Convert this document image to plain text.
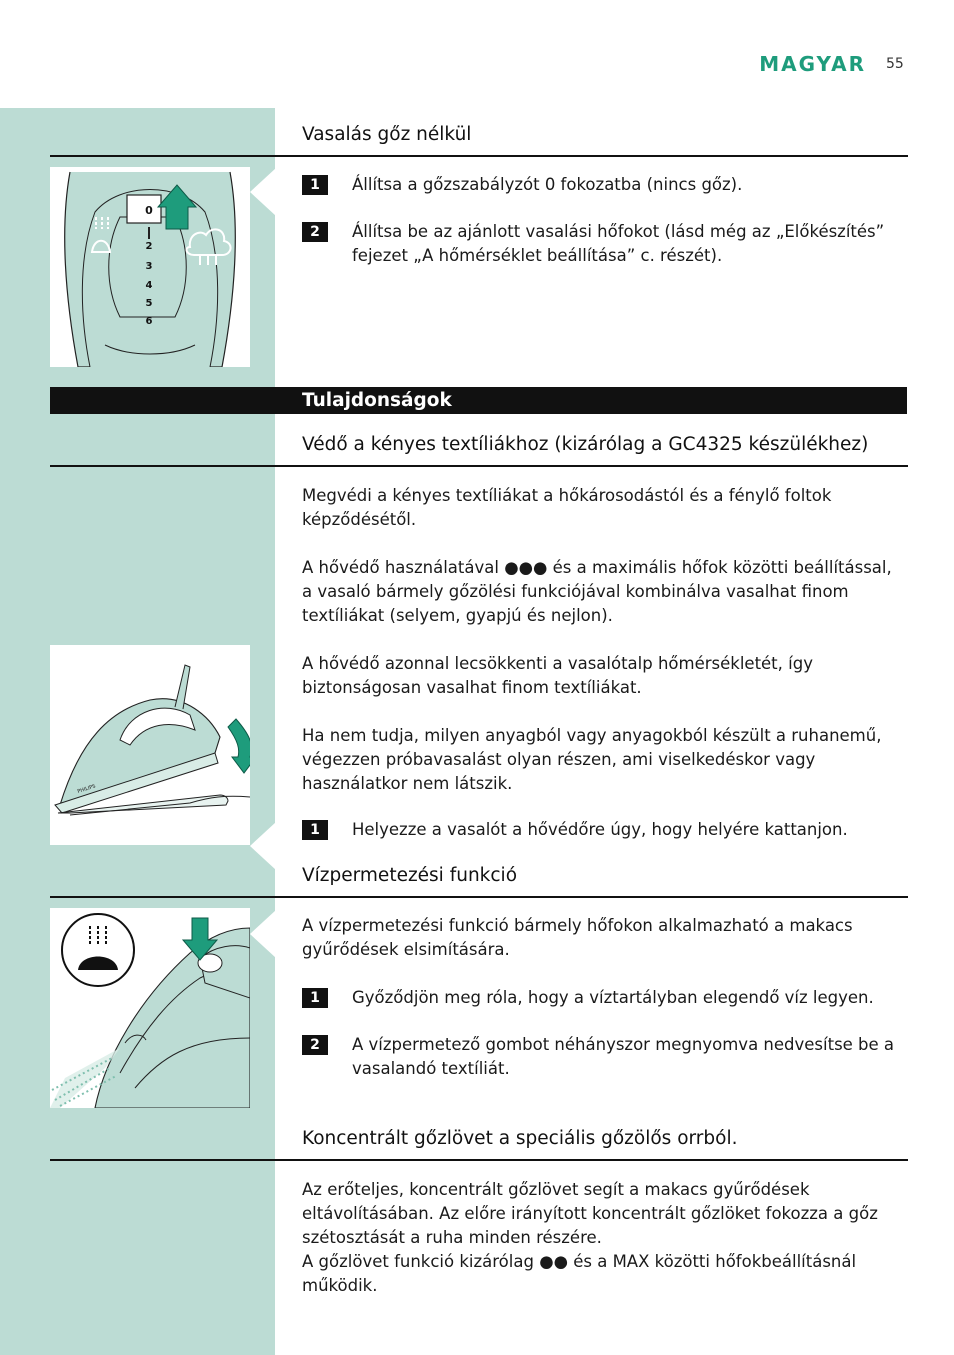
MAGYAR 55
Vasalás gőz nélkül
0
2
3
4
5
6
1	Állítsa a gőzszabályzót 0 fokozatba (nincs gőz).
2	Állítsa be az ajánlott vasalási hőfokot (lásd még az „Előkészítés” fejezet „A hőmérséklet beállítása” c. részét).
Tulajdonságok
Védő a kényes textíliákhoz (kizárólag a GC4325 készülékhez)
Megvédi a kényes textíliákat a hőkárosodástól és a fénylő foltok képződésétől.
A hővédő használatával ●●● és a maximális hőfok közötti beállítással, a vasaló bármely gőzölési funkciójával kombinálva vasalhat finom textíliákat (selyem, gyapjú és nejlon).
A hővédő azonnal lecsökkenti a vasalótalp hőmérsékletét, így biztonságosan vasalhat finom textíliákat.
Ha nem tudja, milyen anyagból vagy anyagokból készült a ruhanemű, végezzen próbavasalást olyan részen, ami viselkedéskor vagy használatkor nem látszik.
PHILIPS
1	Helyezze a vasalót a hővédőre úgy, hogy helyére kattanjon.
Vízpermetezési funkció
A vízpermetezési funkció bármely hőfokon alkalmazható a makacs gyűrődések elsimítására.
1	Győződjön meg róla, hogy a víztartályban elegendő víz legyen.
2	A vízpermetező gombot néhányszor megnyomva nedvesítse be a vasalandó textíliát.
Koncentrált gőzlövet a speciális gőzölős orrból.
Az erőteljes, koncentrált gőzlövet segít a makacs gyűrődések eltávolításában. Az előre irányított koncentrált gőzlöket fokozza a gőz szétosztását a ruha minden részére.
A gőzlövet funkció kizárólag ●● és a MAX közötti hőfokbeállításnál működik.
